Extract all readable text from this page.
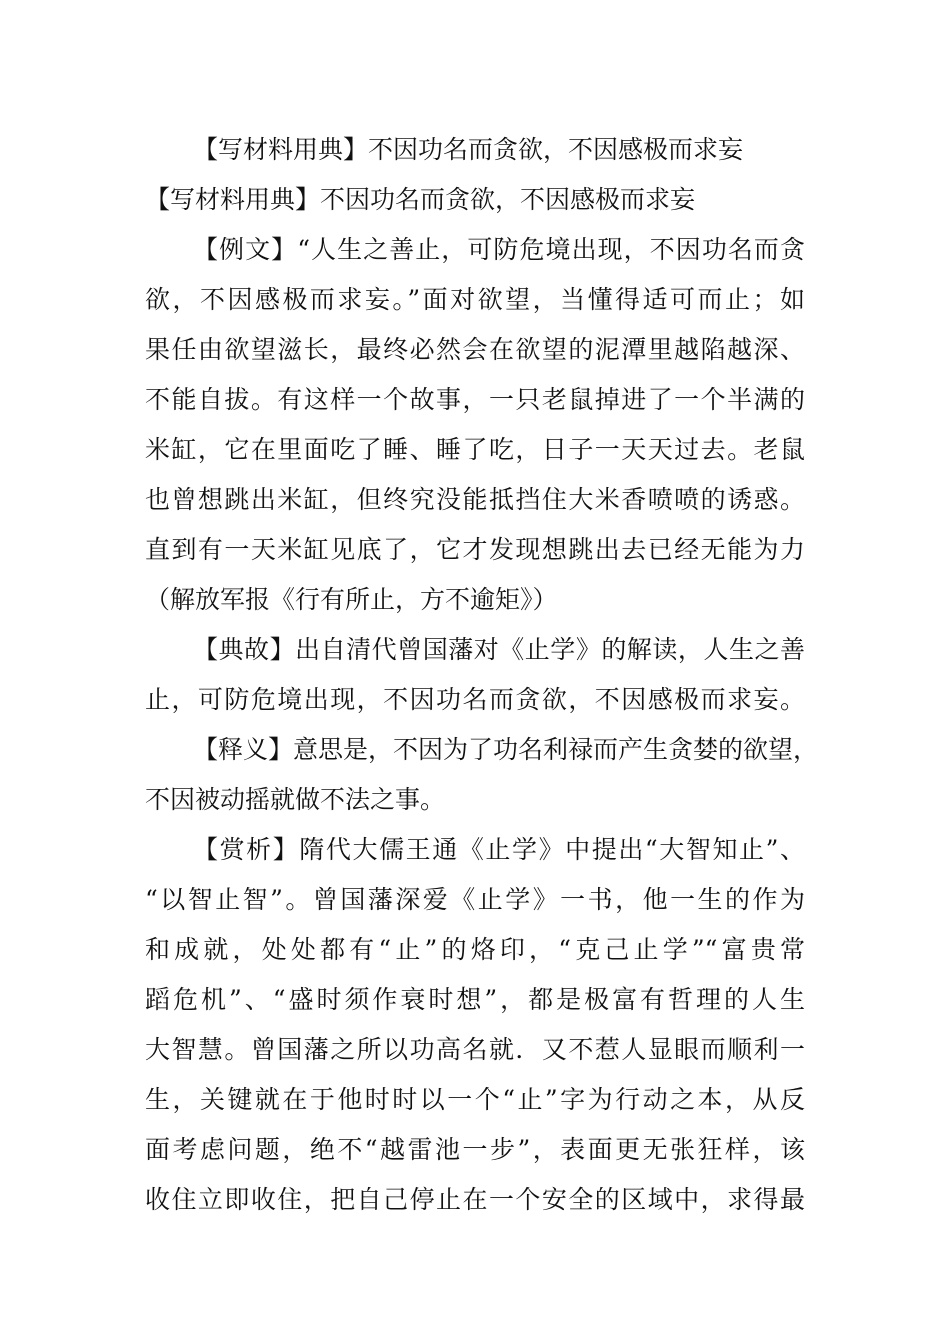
【写材料用典】不因功名而贪欲，不因感极而求妄
【写材料用典】不因功名而贪欲，不因感极而求妄
【例文】“人生之善止，可防危境出现，不因功名而贪
欲，不因感极而求妄。”面对欲望，当懂得适可而止；如
果任由欲望滋长，最终必然会在欲望的泥潭里越陷越深、
不能自拔。有这样一个故事，一只老鼠掉进了一个半满的
米缸，它在里面吃了睡、睡了吃，日子一天天过去。老鼠
也曾想跳出米缸，但终究没能抵挡住大米香喷喷的诱惑。
直到有一天米缸见底了，它才发现想跳出去已经无能为力
（解放军报《行有所止，方不逾矩》）
【典故】出自清代曾国藩对《止学》的解读，人生之善
止，可防危境出现，不因功名而贪欲，不因感极而求妄。
【释义】意思是，不因为了功名利禄而产生贪婪的欲望，
不因被动摇就做不法之事。
【赏析】隋代大儒王通《止学》中提出“大智知止”、
“以智止智”。曾国藩深爱《止学》一书，他一生的作为
和成就，处处都有“止”的烙印，“克己止学”“富贵常
蹈危机”、“盛时须作衰时想”，都是极富有哲理的人生
大智慧。曾国藩之所以功高名就．又不惹人显眼而顺利一
生，关键就在于他时时以一个“止”字为行动之本，从反
面考虑问题，绝不“越雷池一步”，表面更无张狂样，该
收住立即收住，把自己停止在一个安全的区域中，求得最
